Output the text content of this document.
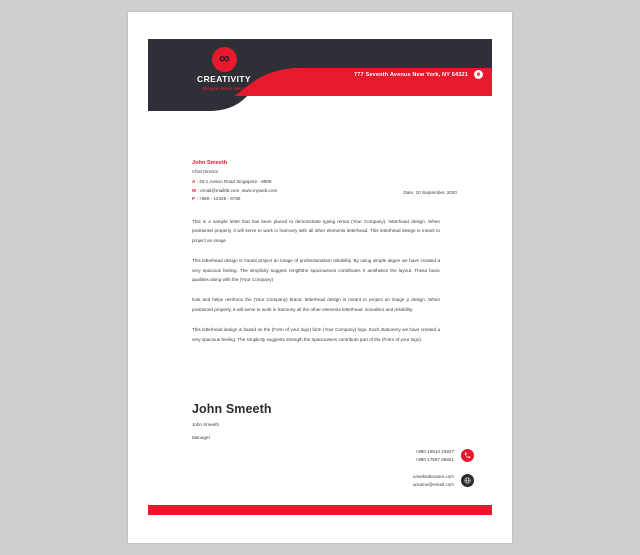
∞
CREATIVITY
Slogan Goes Here
777 Seventh Avenue New York, NY 54321
John Smeeth
Chief Director
A : 45-1,Anson Road Singapore - 8909
W : email@mail65.com, www.myweb.com
P : +880 - 12345 - 6789
Date, 10 September, 2020

This is a sample letter that has been placed to demonstrate typing remat (Your Company). letterhead design. When positioned properly, it will serve to work in harmony with all other elements letterhead. This letterhead design is meant to project an image

This letterhead design is meant project an image of professionalism reliability. By using simple akgen we have created a very spacious feeling. The simplicity suggest rengththe spaciousnes contributes h aesthetics the layout. These basic qualities along with the (Your Company)

look and helps reinforce the (Your Company) brand. letterhead design is meant to project an image p design. When positioned properly, it will serve to work in harmony all the other elements letterhead. sionalism and reliability.

This letterhead design is based on the (Form of your logo) form (Your Company) logo. Each stationery we have created a very spacious feeling. The simplicity suggests strength the spaciousnes contribute part of the (Form of your logo).

John Smeeth
John Smeeth
Manager
+880 19914 23927
+880 17567 66821
urwebsitename.com
urname@email.com
